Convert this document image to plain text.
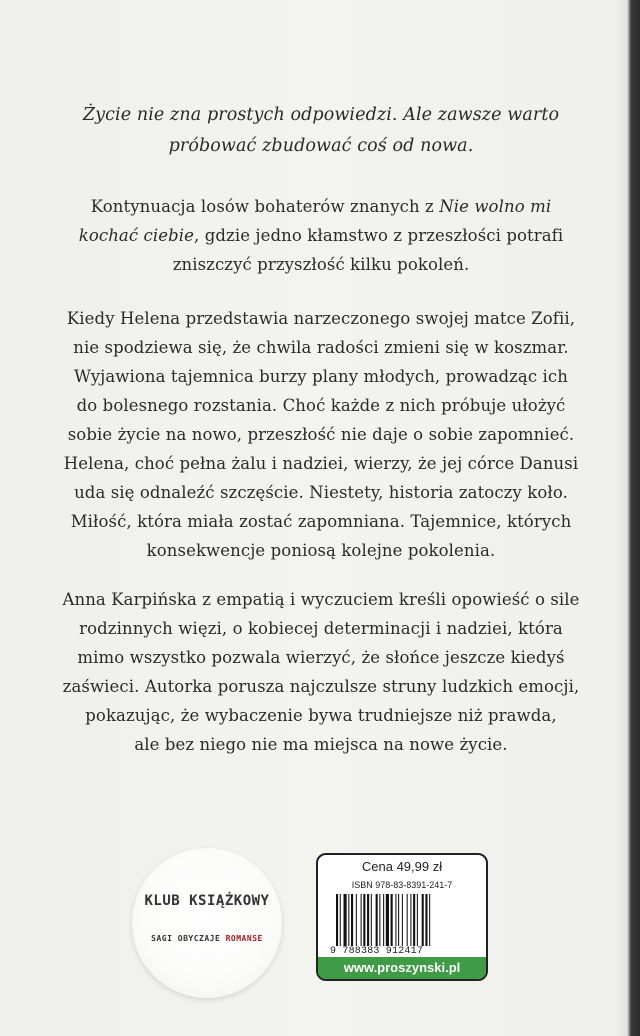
Życie nie zna prostych odpowiedzi. Ale zawsze warto
próbować zbudować coś od nowa.
Kontynuacja losów bohaterów znanych z Nie wolno mi
kochać ciebie, gdzie jedno kłamstwo z przeszłości potrafi
zniszczyć przyszłość kilku pokoleń.
Kiedy Helena przedstawia narzeczonego swojej matce Zofii,
nie spodziewa się, że chwila radości zmieni się w koszmar.
Wyjawiona tajemnica burzy plany młodych, prowadząc ich
do bolesnego rozstania. Choć każde z nich próbuje ułożyć
sobie życie na nowo, przeszłość nie daje o sobie zapomnieć.
Helena, choć pełna żalu i nadziei, wierzy, że jej córce Danusi
uda się odnaleźć szczęście. Niestety, historia zatoczy koło.
Miłość, która miała zostać zapomniana. Tajemnice, których
konsekwencje poniosą kolejne pokolenia.
Anna Karpińska z empatią i wyczuciem kreśli opowieść o sile
rodzinnych więzi, o kobiecej determinacji i nadziei, która
mimo wszystko pozwala wierzyć, że słońce jeszcze kiedyś
zaświeci. Autorka porusza najczulsze struny ludzkich emocji,
pokazując, że wybaczenie bywa trudniejsze niż prawda,
ale bez niego nie ma miejsca na nowe życie.
KLUB KSIĄŻKOWY
SAGI OBYCZAJE ROMANSE
Cena 49,99 zł
ISBN 978-83-8391-241-7
9 788383 912417
www.proszynski.pl
